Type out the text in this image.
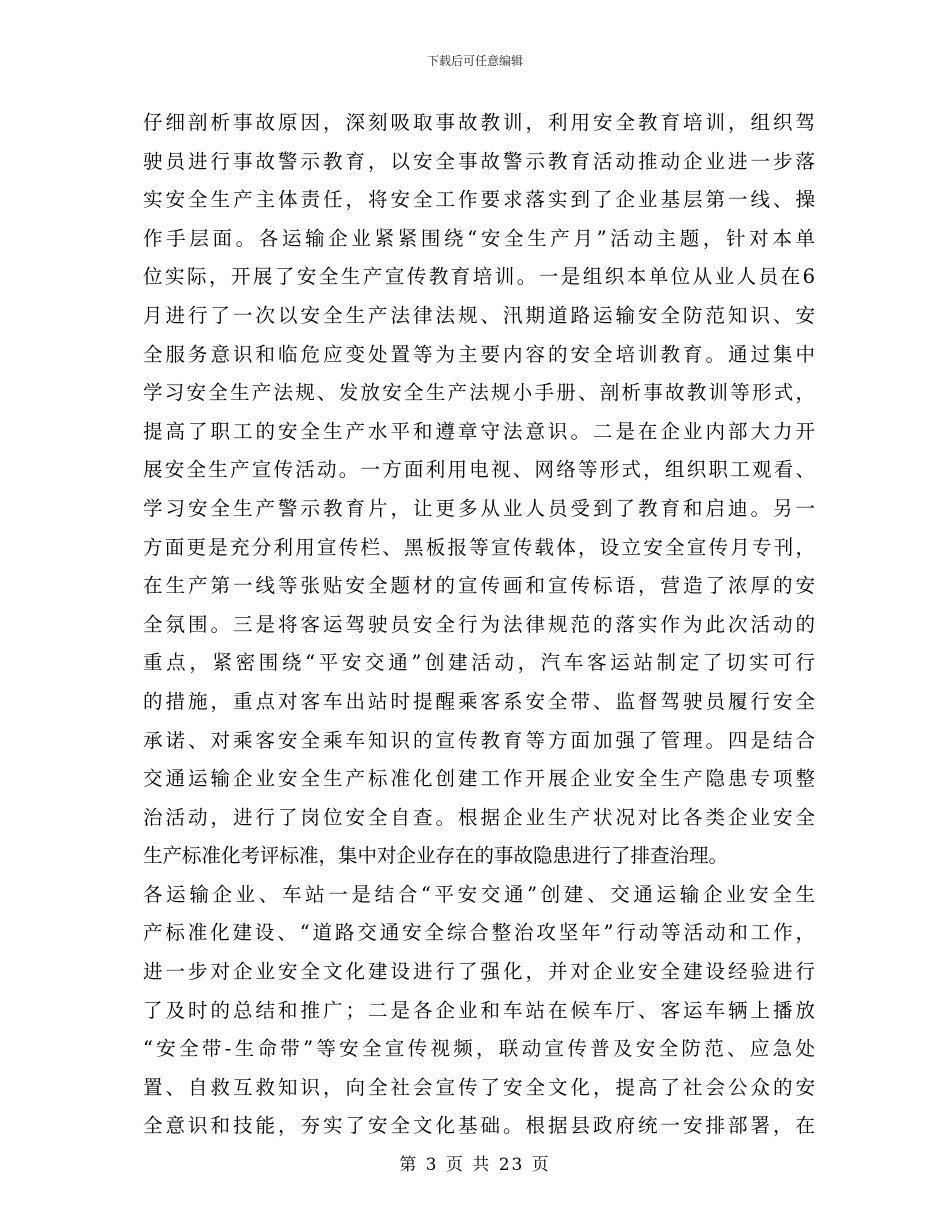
下载后可任意编辑
仔细剖析事故原因，深刻吸取事故教训，利用安全教育培训，组织驾
驶员进行事故警示教育，以安全事故警示教育活动推动企业进一步落
实安全生产主体责任，将安全工作要求落实到了企业基层第一线、操
作手层面。各运输企业紧紧围绕“安全生产月”活动主题，针对本单
位实际，开展了安全生产宣传教育培训。一是组织本单位从业人员在6
月进行了一次以安全生产法律法规、汛期道路运输安全防范知识、安
全服务意识和临危应变处置等为主要内容的安全培训教育。通过集中
学习安全生产法规、发放安全生产法规小手册、剖析事故教训等形式，
提高了职工的安全生产水平和遵章守法意识。二是在企业内部大力开
展安全生产宣传活动。一方面利用电视、网络等形式，组织职工观看、
学习安全生产警示教育片，让更多从业人员受到了教育和启迪。另一
方面更是充分利用宣传栏、黑板报等宣传载体，设立安全宣传月专刊，
在生产第一线等张贴安全题材的宣传画和宣传标语，营造了浓厚的安
全氛围。三是将客运驾驶员安全行为法律规范的落实作为此次活动的
重点，紧密围绕“平安交通”创建活动，汽车客运站制定了切实可行
的措施，重点对客车出站时提醒乘客系安全带、监督驾驶员履行安全
承诺、对乘客安全乘车知识的宣传教育等方面加强了管理。四是结合
交通运输企业安全生产标准化创建工作开展企业安全生产隐患专项整
治活动，进行了岗位安全自查。根据企业生产状况对比各类企业安全
生产标准化考评标准，集中对企业存在的事故隐患进行了排查治理。
各运输企业、车站一是结合“平安交通”创建、交通运输企业安全生
产标准化建设、“道路交通安全综合整治攻坚年”行动等活动和工作，
进一步对企业安全文化建设进行了强化，并对企业安全建设经验进行
了及时的总结和推广；二是各企业和车站在候车厅、客运车辆上播放
“安全带-生命带”等安全宣传视频，联动宣传普及安全防范、应急处
置、自救互救知识，向全社会宣传了安全文化，提高了社会公众的安
全意识和技能，夯实了安全文化基础。根据县政府统一安排部署，在
第 3 页 共 23 页
